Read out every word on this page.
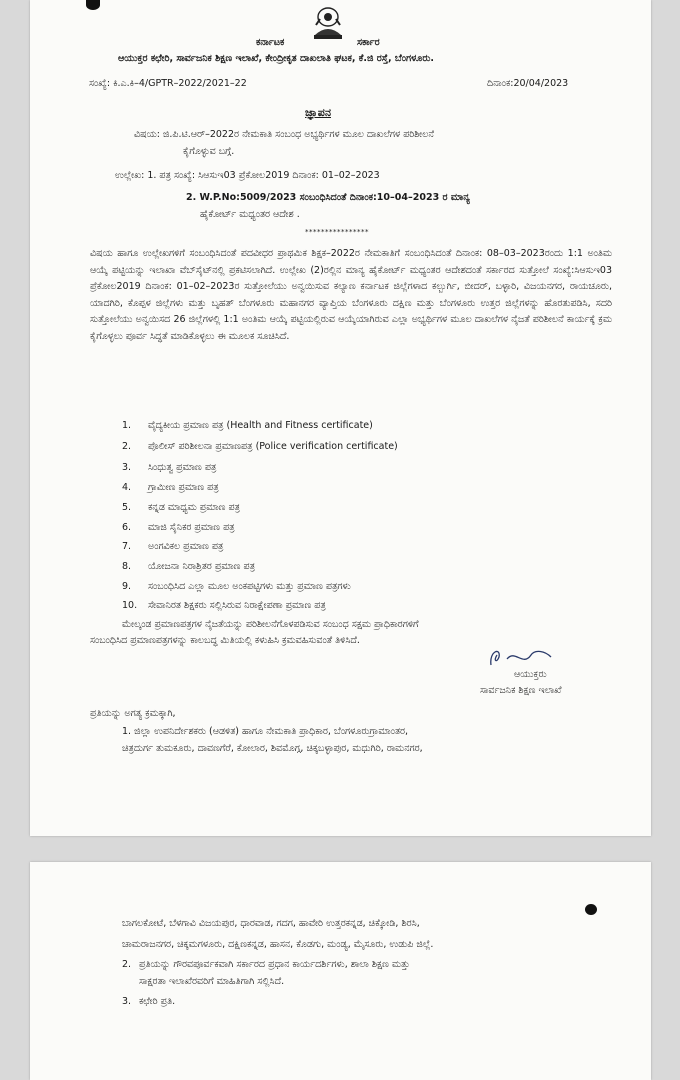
ಕರ್ನಾಟಕ	ಸರ್ಕಾರ
ಆಯುಕ್ತರ ಕಛೇರಿ, ಸಾರ್ವಜನಿಕ ಶಿಕ್ಷಣ ಇಲಾಖೆ, ಕೇಂದ್ರೀಕೃತ ದಾಖಲಾತಿ ಘಟಕ, ಕೆ.ಜಿ ರಸ್ತೆ, ಬೆಂಗಳೂರು.
ಸಂಖ್ಯೆ: ಕಿ.ಎ.ಕಿ–4/GPTR–2022/2021–22	ದಿನಾಂಕ:20/04/2023
ಜ್ಞಾಪನ
ವಿಷಯ: ಜಿ.ಪಿ.ಟಿ.ಆರ್–2022ರ ನೇಮಕಾತಿ ಸಂಬಂಧ ಅಭ್ಯರ್ಥಿಗಳ ಮೂಲ ದಾಖಲೆಗಳ ಪರಿಶೀಲನೆ
ಕೈಗೊಳ್ಳುವ ಬಗ್ಗೆ.
ಉಲ್ಲೇಖ: 1. ಪತ್ರ ಸಂಖ್ಯೆ: ಸಿಆಸುಇ03 ಪ್ರೆಕೋಲ2019 ದಿನಾಂಕ: 01–02–2023
2. W.P.No:5009/2023 ಸಂಬಂಧಿಸಿದಂತೆ ದಿನಾಂಕ:10–04–2023 ರ ಮಾನ್ಯ
ಹೈಕೋರ್ಟ್ ಮಧ್ಯಂತರ ಆದೇಶ .
****************
ವಿಷಯ ಹಾಗೂ ಉಲ್ಲೇಖಗಳಿಗೆ ಸಂಬಂಧಿಸಿದಂತೆ ಪದವೀಧರ ಪ್ರಾಥಮಿಕ ಶಿಕ್ಷಕ–2022ರ ನೇಮಕಾತಿಗೆ ಸಂಬಂಧಿಸಿದಂತೆ ದಿನಾಂಕ: 08–03–2023ರಂದು 1:1 ಅಂತಿಮ ಆಯ್ಕೆ ಪಟ್ಟಿಯನ್ನು ಇಲಾಖಾ ವೆಬ್‌ಸೈಟ್‌ನಲ್ಲಿ ಪ್ರಕಟಿಸಲಾಗಿದೆ. ಉಲ್ಲೇಖ (2)ರಲ್ಲಿನ ಮಾನ್ಯ ಹೈಕೋರ್ಟ್ ಮಧ್ಯಂತರ ಆದೇಶದಂತೆ ಸರ್ಕಾರದ ಸುತ್ತೋಲೆ ಸಂಖ್ಯೆ:ಸಿಆಸುಇ03 ಪ್ರೆಕೋಲ2019 ದಿನಾಂಕ: 01–02–2023ರ ಸುತ್ತೋಲೆಯು ಅನ್ವಯಿಸುವ ಕಲ್ಯಾಣ ಕರ್ನಾಟಕ ಜಿಲ್ಲೆಗಳಾದ ಕಲ್ಬುರ್ಗಿ, ಬೀದರ್, ಬಳ್ಳಾರಿ, ವಿಜಯನಗರ, ರಾಯಚೂರು, ಯಾದಗಿರಿ, ಕೊಪ್ಪಳ ಜಿಲ್ಲೆಗಳು ಮತ್ತು ಬೃಹತ್ ಬೆಂಗಳೂರು ಮಹಾನಗರ ವ್ಯಾಪ್ತಿಯ ಬೆಂಗಳೂರು ದಕ್ಷಿಣ ಮತ್ತು ಬೆಂಗಳೂರು ಉತ್ತರ ಜಿಲ್ಲೆಗಳನ್ನು ಹೊರತುಪಡಿಸಿ, ಸದರಿ ಸುತ್ತೋಲೆಯು ಅನ್ವಯಿಸದ 26 ಜಿಲ್ಲೆಗಳಲ್ಲಿ 1:1 ಅಂತಿಮ ಆಯ್ಕೆ ಪಟ್ಟಿಯಲ್ಲಿರುವ ಆಯ್ಕೆಯಾಗಿರುವ ಎಲ್ಲಾ ಅಭ್ಯರ್ಥಿಗಳ ಮೂಲ ದಾಖಲೆಗಳ ನೈಜತೆ ಪರಿಶೀಲನೆ ಕಾರ್ಯಕ್ಕೆ ಕ್ರಮ ಕೈಗೊಳ್ಳಲು ಪೂರ್ವ ಸಿದ್ಧತೆ ಮಾಡಿಕೊಳ್ಳಲು ಈ ಮೂಲಕ ಸೂಚಿಸಿದೆ.
1. ವೈದ್ಯಕೀಯ ಪ್ರಮಾಣ ಪತ್ರ (Health and Fitness certificate)
2. ಪೊಲೀಸ್ ಪರಿಶೀಲನಾ ಪ್ರಮಾಣಪತ್ರ (Police verification certificate)
3. ಸಿಂಧುತ್ವ ಪ್ರಮಾಣ ಪತ್ರ
4. ಗ್ರಾಮೀಣ ಪ್ರಮಾಣ ಪತ್ರ
5. ಕನ್ನಡ ಮಾಧ್ಯಮ ಪ್ರಮಾಣ ಪತ್ರ
6. ಮಾಜಿ ಸೈನಿಕರ ಪ್ರಮಾಣ ಪತ್ರ
7. ಅಂಗವಿಕಲ ಪ್ರಮಾಣ ಪತ್ರ
8. ಯೋಜನಾ ನಿರಾಶ್ರಿತರ ಪ್ರಮಾಣ ಪತ್ರ
9. ಸಂಬಂಧಿಸಿದ ಎಲ್ಲಾ ಮೂಲ ಅಂಕಪಟ್ಟಿಗಳು ಮತ್ತು ಪ್ರಮಾಣ ಪತ್ರಗಳು
10. ಸೇವಾನಿರತ ಶಿಕ್ಷಕರು ಸಲ್ಲಿಸಿರುವ ನಿರಾಕ್ಷೇಪಣಾ ಪ್ರಮಾಣ ಪತ್ರ
ಮೇಲ್ಕಂಡ ಪ್ರಮಾಣಪತ್ರಗಳ ನೈಜತೆಯನ್ನು ಪರಿಶೀಲನೆಗೊಳಪಡಿಸುವ ಸಂಬಂಧ ಸಕ್ಷಮ ಪ್ರಾಧಿಕಾರಗಳಿಗೆ
ಸಂಬಂಧಿಸಿದ ಪ್ರಮಾಣಪತ್ರಗಳನ್ನು ಕಾಲಬದ್ಧ ಮಿತಿಯಲ್ಲಿ ಕಳುಹಿಸಿ ಕ್ರಮವಹಿಸುವಂತೆ ತಿಳಿಸಿದೆ.
ಆಯುಕ್ತರು
ಸಾರ್ವಜನಿಕ ಶಿಕ್ಷಣ ಇಲಾಖೆ
ಪ್ರತಿಯನ್ನು ಅಗತ್ಯ ಕ್ರಮಕ್ಕಾಗಿ,
1. ಜಿಲ್ಲಾ ಉಪನಿರ್ದೇಶಕರು (ಆಡಳಿತ) ಹಾಗೂ ನೇಮಕಾತಿ ಪ್ರಾಧಿಕಾರ, ಬೆಂಗಳೂರುಗ್ರಾಮಾಂತರ,
ಚಿತ್ರದುರ್ಗ ತುಮಕೂರು, ದಾವಣಗೆರೆ, ಕೋಲಾರ, ಶಿವಮೊಗ್ಗ, ಚಿಕ್ಕಬಳ್ಳಾಪುರ, ಮಧುಗಿರಿ, ರಾಮನಗರ,
ಬಾಗಲಕೋಟೆ, ಬೆಳಗಾವಿ ವಿಜಯಪುರ, ಧಾರವಾಡ, ಗದಗ, ಹಾವೇರಿ ಉತ್ತರಕನ್ನಡ, ಚಿಕ್ಕೋಡಿ, ಶಿರಸಿ,
ಚಾಮರಾಜನಗರ, ಚಿಕ್ಕಮಗಳೂರು, ದಕ್ಷಿಣಕನ್ನಡ, ಹಾಸನ, ಕೊಡಗು, ಮಂಡ್ಯ, ಮೈಸೂರು, ಉಡುಪಿ ಜಿಲ್ಲೆ.
2. ಪ್ರತಿಯನ್ನು ಗೌರವಪೂರ್ವಕವಾಗಿ ಸರ್ಕಾರದ ಪ್ರಧಾನ ಕಾರ್ಯದರ್ಶಿಗಳು, ಶಾಲಾ ಶಿಕ್ಷಣ ಮತ್ತು
ಸಾಕ್ಷರತಾ ಇಲಾಖೆರವರಿಗೆ ಮಾಹಿತಿಗಾಗಿ ಸಲ್ಲಿಸಿದೆ.
3. ಕಛೇರಿ ಪ್ರತಿ.
